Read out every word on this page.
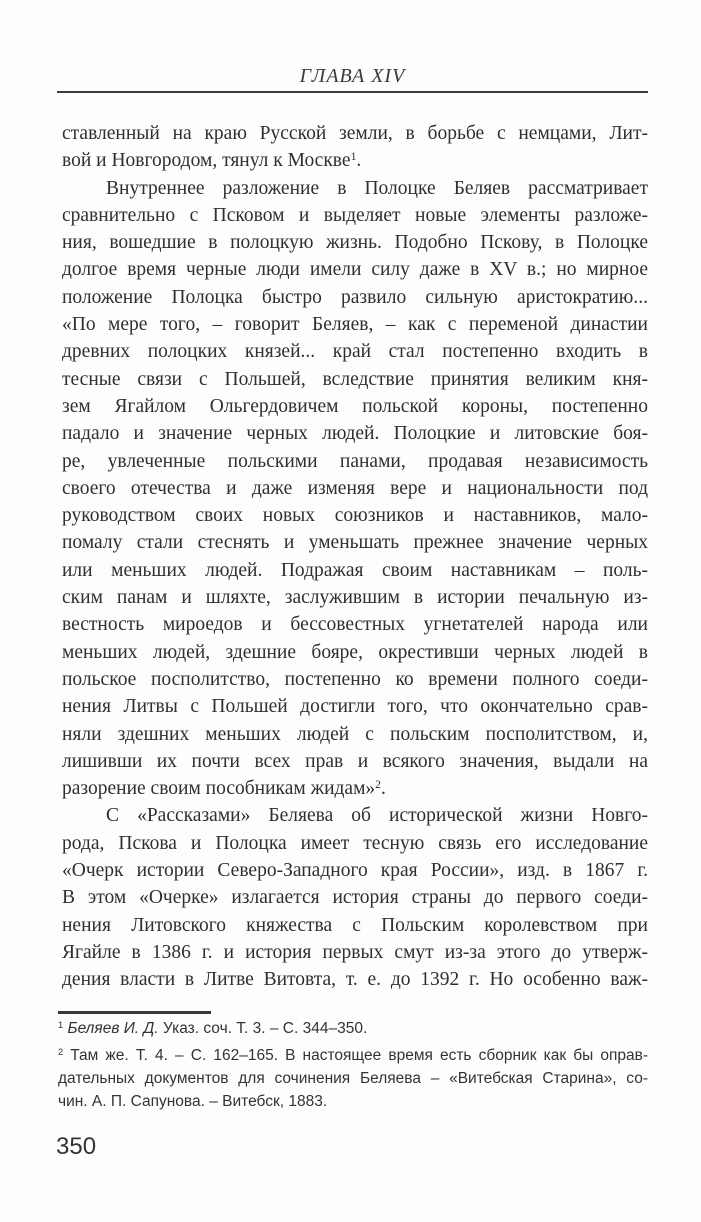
ГЛАВА XIV
ставленный на краю Русской земли, в борьбе с немцами, Лит-
вой и Новгородом, тянул к Москве$^1$.
Внутреннее разложение в Полоцке Беляев рассматривает
сравнительно с Псковом и выделяет новые элементы разложе-
ния, вошедшие в полоцкую жизнь. Подобно Пскову, в Полоцке
долгое время черные люди имели силу даже в XV в.; но мирное
положение Полоцка быстро развило сильную аристократию...
«По мере того, – говорит Беляев, – как с переменой династии
древних полоцких князей... край стал постепенно входить в
тесные связи с Польшей, вследствие принятия великим кня-
зем Ягайлом Ольгердовичем польской короны, постепенно
падало и значение черных людей. Полоцкие и литовские боя-
ре, увлеченные польскими панами, продавая независимость
своего отечества и даже изменяя вере и национальности под
руководством своих новых союзников и наставников, мало-
помалу стали стеснять и уменьшать прежнее значение черных
или меньших людей. Подражая своим наставникам – поль-
ским панам и шляхте, заслужившим в истории печальную из-
вестность мироедов и бессовестных угнетателей народа или
меньших людей, здешние бояре, окрестивши черных людей в
польское посполитство, постепенно ко времени полного соеди-
нения Литвы с Польшей достигли того, что окончательно срав-
няли здешних меньших людей с польским посполитством, и,
лишивши их почти всех прав и всякого значения, выдали на
разорение своим пособникам жидам»$^2$.
С «Рассказами» Беляева об исторической жизни Новго-
рода, Пскова и Полоцка имеет тесную связь его исследование
«Очерк истории Северо-Западного края России», изд. в 1867 г.
В этом «Очерке» излагается история страны до первого соеди-
нения Литовского княжества с Польским королевством при
Ягайле в 1386 г. и история первых смут из-за этого до утверж-
дения власти в Литве Витовта, т. е. до 1392 г. Но особенно важ-
$^1$ Беляев И. Д. Указ. соч. Т. 3. – С. 344–350.
$^2$ Там же. Т. 4. – С. 162–165. В настоящее время есть сборник как бы оправ-
дательных документов для сочинения Беляева – «Витебская Старина», со-
чин. А. П. Сапунова. – Витебск, 1883.
350
